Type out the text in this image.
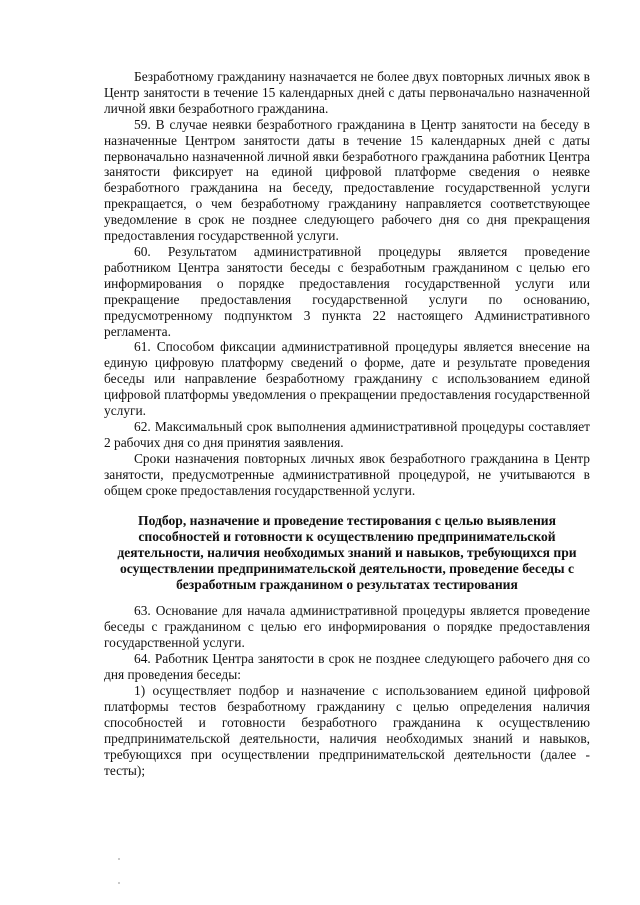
Безработному гражданину назначается не более двух повторных личных явок в Центр занятости в течение 15 календарных дней с даты первоначально назначенной личной явки безработного гражданина.

59. В случае неявки безработного гражданина в Центр занятости на беседу в назначенные Центром занятости даты в течение 15 календарных дней с даты первоначально назначенной личной явки безработного гражданина работник Центра занятости фиксирует на единой цифровой платформе сведения о неявке безработного гражданина на беседу, предоставление государственной услуги прекращается, о чем безработному гражданину направляется соответствующее уведомление в срок не позднее следующего рабочего дня со дня прекращения предоставления государственной услуги.

60. Результатом административной процедуры является проведение работником Центра занятости беседы с безработным гражданином с целью его информирования о порядке предоставления государственной услуги или прекращение предоставления государственной услуги по основанию, предусмотренному подпунктом 3 пункта 22 настоящего Административного регламента.

61. Способом фиксации административной процедуры является внесение на единую цифровую платформу сведений о форме, дате и результате проведения беседы или направление безработному гражданину с использованием единой цифровой платформы уведомления о прекращении предоставления государственной услуги.

62. Максимальный срок выполнения административной процедуры составляет 2 рабочих дня со дня принятия заявления.

Сроки назначения повторных личных явок безработного гражданина в Центр занятости, предусмотренные административной процедурой, не учитываются в общем сроке предоставления государственной услуги.

Подбор, назначение и проведение тестирования с целью выявления способностей и готовности к осуществлению предпринимательской деятельности, наличия необходимых знаний и навыков, требующихся при осуществлении предпринимательской деятельности, проведение беседы с безработным гражданином о результатах тестирования

63. Основание для начала административной процедуры является проведение беседы с гражданином с целью его информирования о порядке предоставления государственной услуги.

64. Работник Центра занятости в срок не позднее следующего рабочего дня со дня проведения беседы:

1) осуществляет подбор и назначение с использованием единой цифровой платформы тестов безработному гражданину с целью определения наличия способностей и готовности безработного гражданина к осуществлению предпринимательской деятельности, наличия необходимых знаний и навыков, требующихся при осуществлении предпринимательской деятельности (далее - тесты);
